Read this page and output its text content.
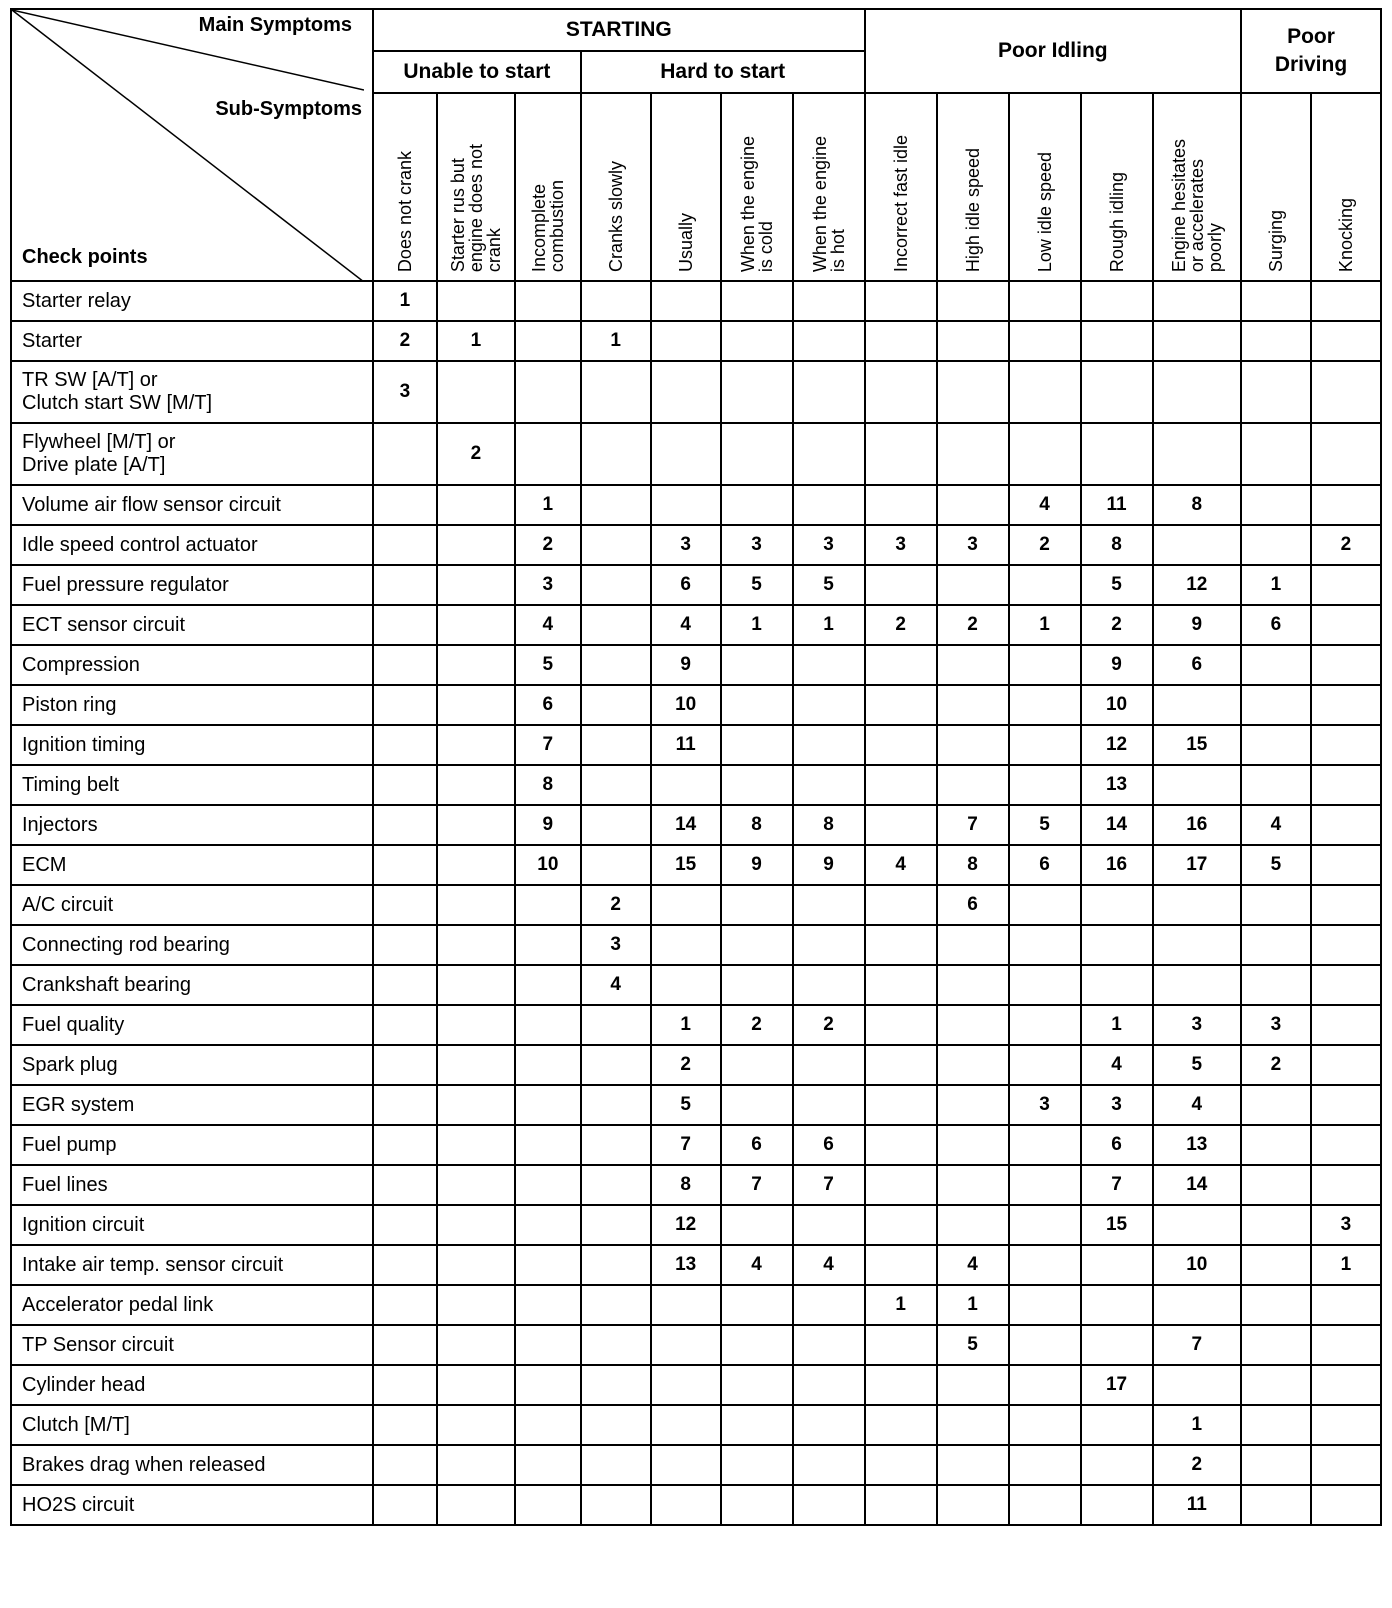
Main Symptoms
Sub-Symptoms
Check points	STARTING							Poor Idling					Poor Driving	
	Unable to start			Hard to start										

	Does not crank	Starter rus but
engine does not
crank	Incomplete
combustion	Cranks slowly	Usually	When the engine
is cold	When the engine
is hot	Incorrect fast idle	High idle speed	Low idle speed	Rough idling	Engine hesitates
or accelerates
poorly	Surging	Knocking

Starter relay	1													
Starter	2	1		1										
TR SW [A/T] or
Clutch start SW [M/T]	3													
Flywheel [M/T] or
Drive plate [A/T]		2												
Volume air flow sensor circuit			1							4	11	8		
Idle speed control actuator			2		3	3	3	3	3	2	8			2
Fuel pressure regulator			3		6	5	5				5	12	1	
ECT sensor circuit			4		4	1	1	2	2	1	2	9	6	
Compression			5		9						9	6		
Piston ring			6		10						10			
Ignition timing			7		11						12	15		
Timing belt			8								13			
Injectors			9		14	8	8		7	5	14	16	4	
ECM			10		15	9	9	4	8	6	16	17	5	
A/C circuit				2					6					
Connecting rod bearing				3										
Crankshaft bearing				4										
Fuel quality					1	2	2				1	3	3	
Spark plug					2						4	5	2	
EGR system					5					3	3	4		
Fuel pump					7	6	6				6	13		
Fuel lines					8	7	7				7	14		
Ignition circuit					12						15			3
Intake air temp. sensor circuit					13	4	4		4			10		1
Accelerator pedal link								1	1					
TP Sensor circuit									5			7		
Cylinder head											17			
Clutch [M/T]												1		
Brakes drag when released												2		
HO2S circuit												11		
